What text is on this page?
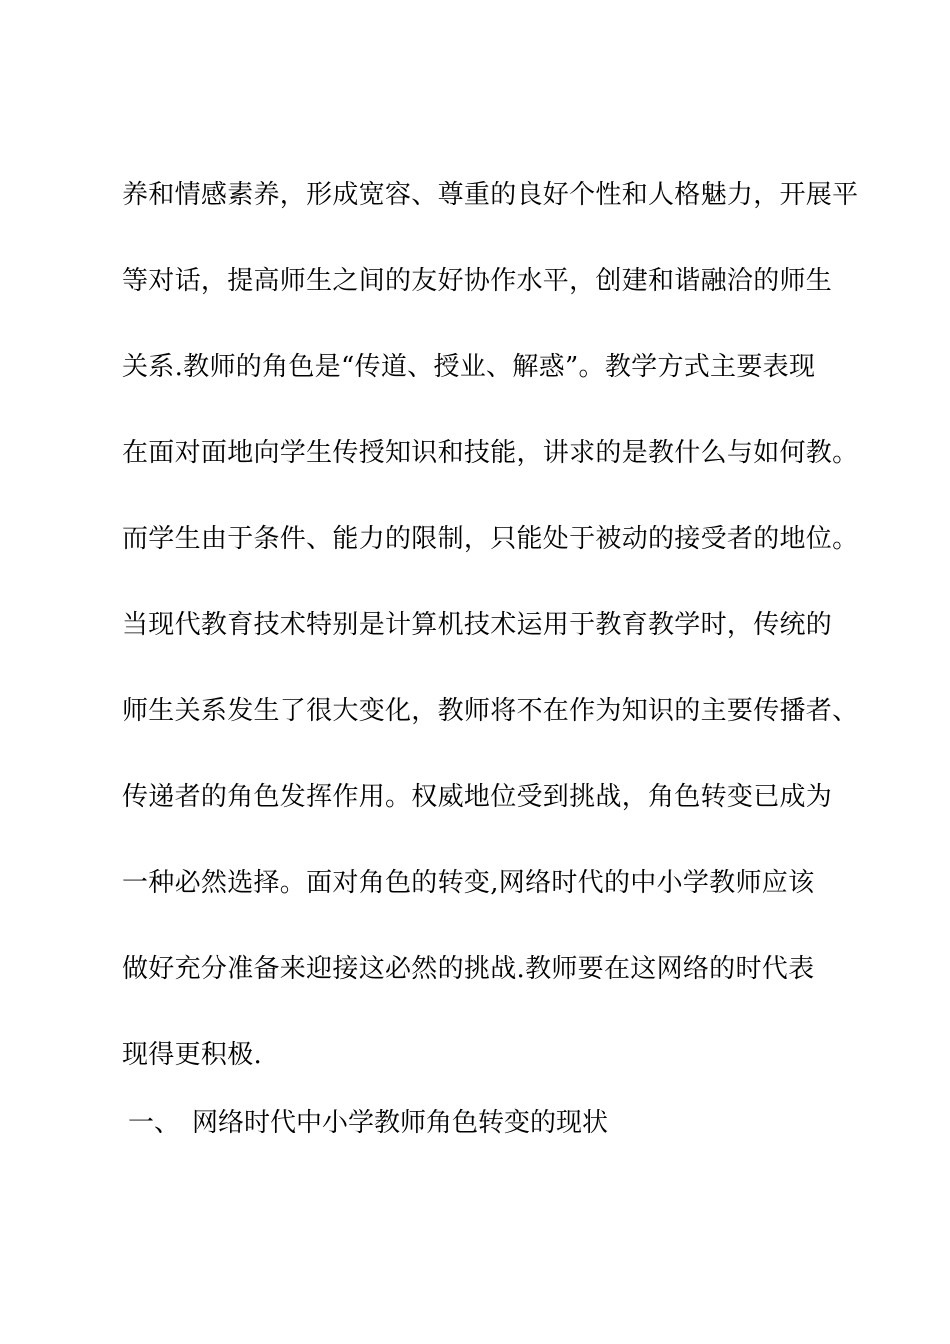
养和情感素养，形成宽容、尊重的良好个性和人格魅力，开展平
等对话，提高师生之间的友好协作水平，创建和谐融洽的师生
关系.教师的角色是“传道、授业、解惑”。教学方式主要表现
在面对面地向学生传授知识和技能，讲求的是教什么与如何教。
而学生由于条件、能力的限制，只能处于被动的接受者的地位。
当现代教育技术特别是计算机技术运用于教育教学时，传统的
师生关系发生了很大变化，教师将不在作为知识的主要传播者、
传递者的角色发挥作用。权威地位受到挑战，角色转变已成为
一种必然选择。面对角色的转变,网络时代的中小学教师应该
做好充分准备来迎接这必然的挑战.教师要在这网络的时代表
现得更积极.
一、 网络时代中小学教师角色转变的现状
